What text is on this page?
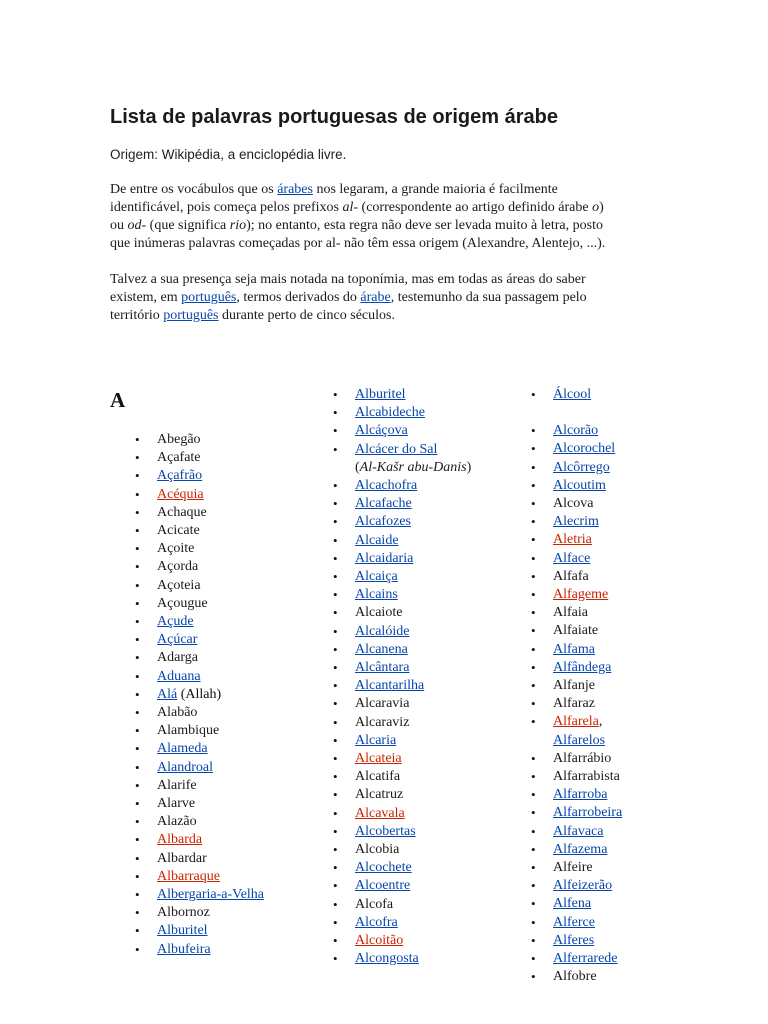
Lista de palavras portuguesas de origem árabe

Origem: Wikipédia, a enciclopédia livre.

De entre os vocábulos que os árabes nos legaram, a grande maioria é facilmente
identificável, pois começa pelos prefixos al- (correspondente ao artigo definido árabe o)
ou od- (que significa rio); no entanto, esta regra não deve ser levada muito à letra, posto
que inúmeras palavras começadas por al- não têm essa origem (Alexandre, Alentejo, ...).
Talvez a sua presença seja mais notada na toponímia, mas em todas as áreas do saber
existem, em português, termos derivados do árabe, testemunho da sua passagem pelo
território português durante perto de cinco séculos.
A
• Abegão
• Açafate
• Açafrão
• Acéquia
• Achaque
• Acicate
• Açoite
• Açorda
• Açoteia
• Açougue
• Açude
• Açúcar
• Adarga
• Aduana
• Alá (Allah)
• Alabão
• Alambique
• Alameda
• Alandroal
• Alarife
• Alarve
• Alazão
• Albarda
• Albardar
• Albarraque
• Albergaria-a-Velha
• Albornoz
• Alburitel
• Albufeira
• Alburitel
• Alcabideche
• Alcáçova
• Alcácer do Sal
(Al-Kašr abu-Danis)
• Alcachofra
• Alcafache
• Alcafozes
• Alcaide
• Alcaidaria
• Alcaiça
• Alcains
• Alcaiote
• Alcalóide
• Alcanena
• Alcântara
• Alcantarilha
• Alcaravia
• Alcaraviz
• Alcaria
• Alcateia
• Alcatifa
• Alcatruz
• Alcavala
• Alcobertas
• Alcobia
• Alcochete
• Alcoentre
• Alcofa
• Alcofra
• Alcoitão
• Alcongosta
• Álcool
• Alcorão
• Alcorochel
• Alcôrrego
• Alcoutim
• Alcova
• Alecrim
• Aletria
• Alface
• Alfafa
• Alfageme
• Alfaia
• Alfaiate
• Alfama
• Alfândega
• Alfanje
• Alfaraz
• Alfarela,
Alfarelos
• Alfarrábio
• Alfarrabista
• Alfarroba
• Alfarrobeira
• Alfavaca
• Alfazema
• Alfeire
• Alfeizerão
• Alfena
• Alferce
• Alferes
• Alferrarede
• Alfobre
